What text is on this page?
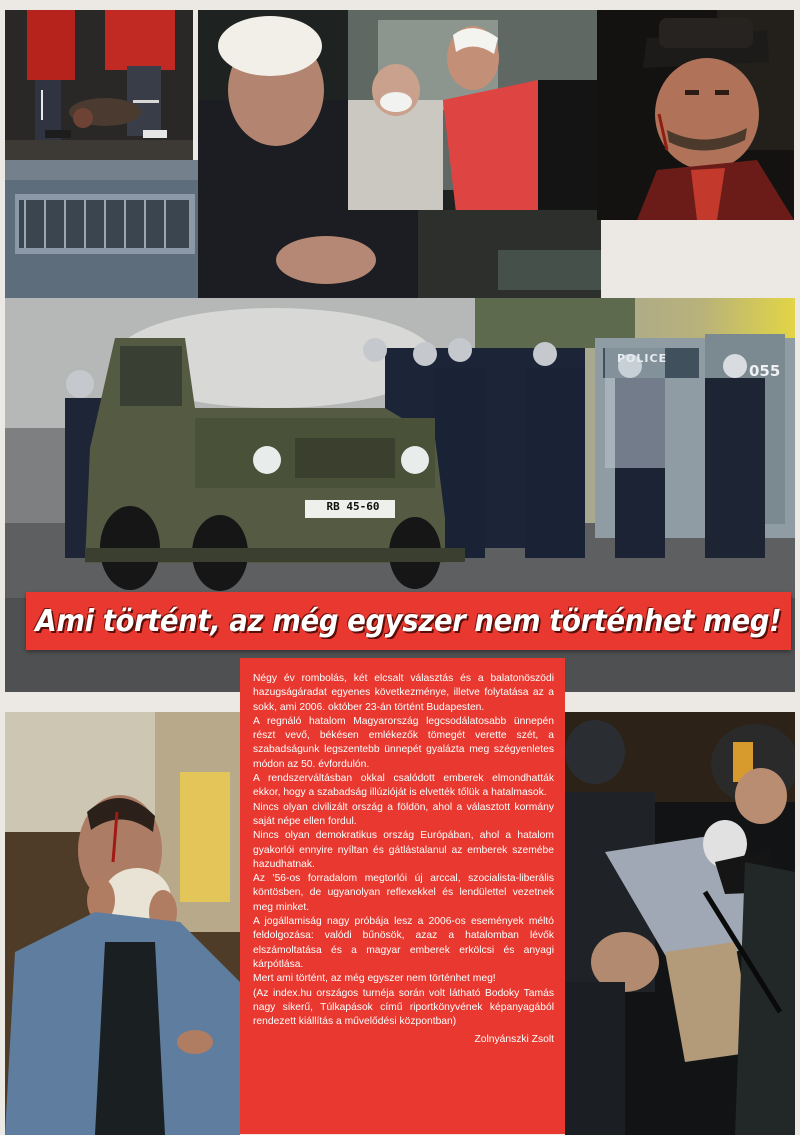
POLICE
055
RB 45-60
Ami történt, az még egyszer nem történhet meg!

Négy év rombolás, két elcsalt választás és a balatonöszödi hazugságáradat egyenes következménye, illetve folytatása az a sokk, ami 2006. október 23-án történt Budapesten.

A regnáló hatalom Magyarország legcsodálatosabb ünnepén részt vevő, békésen emlékezők tömegét verette szét, a szabadságunk legszentebb ünnepét gyalázta meg szégyenletes módon az 50. évfordulón.

A rendszerváltásban okkal csalódott emberek elmondhatták ekkor, hogy a szabadság illúzióját is elvették tőlük a hatalmasok.

Nincs olyan civilizált ország a földön, ahol a választott kormány saját népe ellen fordul.

Nincs olyan demokratikus ország Európában, ahol a hatalom gyakorlói ennyire nyíltan és gátlástalanul az emberek szemébe hazudhatnak.

Az '56-os forradalom megtorlói új arccal, szocialista-liberális köntösben, de ugyanolyan reflexekkel és lendülettel vezetnek meg minket.

A jogállamiság nagy próbája lesz a 2006-os események méltó feldolgozása: valódi bűnösök, azaz a hatalomban lévők elszámoltatása és a magyar emberek erkölcsi és anyagi kárpótlása.

Mert ami történt, az még egyszer nem történhet meg!

(Az index.hu országos turnéja során volt látható Bodoky Tamás nagy sikerű, Túlkapások című riportkönyvének képanyagából rendezett kiállítás a művelődési központban)

Zolnyánszki Zsolt
